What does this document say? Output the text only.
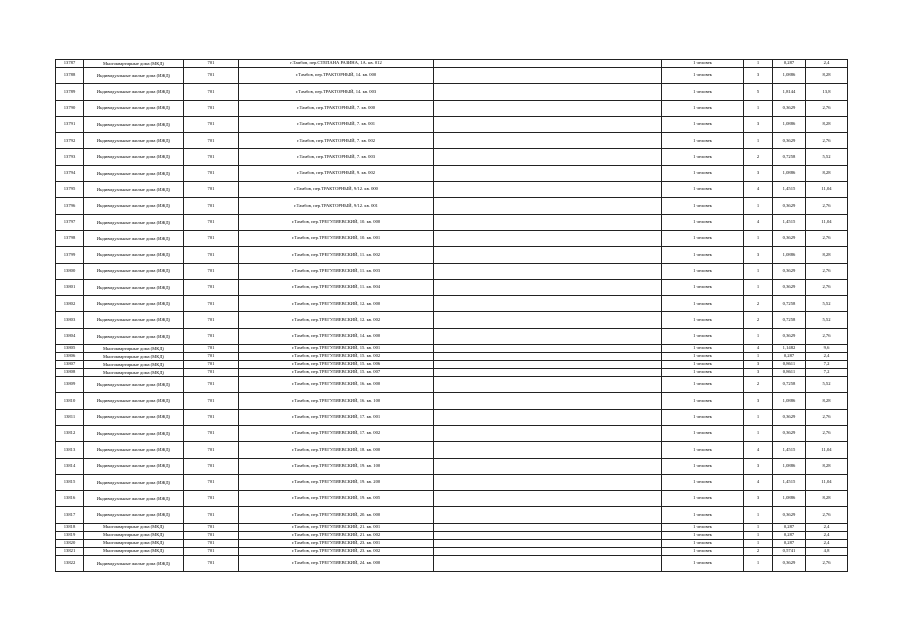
13787	Многоквартирные дома (МКД)	701	г.Тамбов, пер.СТЕПАНА РАЗИНА, 1А. кв. 012		1 человек	1	0,287	2,4
13788	Индивидуальные жилые дома (ИЖД)	701	г.Тамбов, пер.ТРАКТОРНЫЙ, 14. кв. 000		1 человек	3	1,0886	8,28
13789	Индивидуальные жилые дома (ИЖД)	701	г.Тамбов, пер.ТРАКТОРНЫЙ, 14. кв. 003		1 человек	5	1,8144	13,8
13790	Индивидуальные жилые дома (ИЖД)	701	г.Тамбов, пер.ТРАКТОРНЫЙ, 7. кв. 000		1 человек	1	0,3629	2,76
13791	Индивидуальные жилые дома (ИЖД)	701	г.Тамбов, пер.ТРАКТОРНЫЙ, 7. кв. 001		1 человек	3	1,0886	8,28
13792	Индивидуальные жилые дома (ИЖД)	701	г.Тамбов, пер.ТРАКТОРНЫЙ, 7. кв. 002		1 человек	1	0,3629	2,76
13793	Индивидуальные жилые дома (ИЖД)	701	г.Тамбов, пер.ТРАКТОРНЫЙ, 7. кв. 003		1 человек	2	0,7258	5,52
13794	Индивидуальные жилые дома (ИЖД)	701	г.Тамбов, пер.ТРАКТОРНЫЙ, 9. кв. 002		1 человек	3	1,0886	8,28
13795	Индивидуальные жилые дома (ИЖД)	701	г.Тамбов, пер.ТРАКТОРНЫЙ, 9/12. кв. 000		1 человек	4	1,4515	11,04
13796	Индивидуальные жилые дома (ИЖД)	701	г.Тамбов, пер.ТРАКТОРНЫЙ, 9/12. кв. 001		1 человек	1	0,3629	2,76
13797	Индивидуальные жилые дома (ИЖД)	701	г.Тамбов, пер.ТРЕГУЛЯЕВСКИЙ, 10. кв. 000		1 человек	4	1,4515	11,04
13798	Индивидуальные жилые дома (ИЖД)	701	г.Тамбов, пер.ТРЕГУЛЯЕВСКИЙ, 10. кв. 001		1 человек	1	0,3629	2,76
13799	Индивидуальные жилые дома (ИЖД)	701	г.Тамбов, пер.ТРЕГУЛЯЕВСКИЙ, 11. кв. 002		1 человек	3	1,0886	8,28
13800	Индивидуальные жилые дома (ИЖД)	701	г.Тамбов, пер.ТРЕГУЛЯЕВСКИЙ, 11. кв. 003		1 человек	1	0,3629	2,76
13801	Индивидуальные жилые дома (ИЖД)	701	г.Тамбов, пер.ТРЕГУЛЯЕВСКИЙ, 11. кв. 004		1 человек	1	0,3629	2,76
13802	Индивидуальные жилые дома (ИЖД)	701	г.Тамбов, пер.ТРЕГУЛЯЕВСКИЙ, 12. кв. 000		1 человек	2	0,7258	5,52
13803	Индивидуальные жилые дома (ИЖД)	701	г.Тамбов, пер.ТРЕГУЛЯЕВСКИЙ, 12. кв. 002		1 человек	2	0,7258	5,52
13804	Индивидуальные жилые дома (ИЖД)	701	г.Тамбов, пер.ТРЕГУЛЯЕВСКИЙ, 14. кв. 000		1 человек	1	0,3629	2,76
13805	Многоквартирные дома (МКД)	701	г.Тамбов, пер.ТРЕГУЛЯЕВСКИЙ, 15. кв. 001		1 человек	4	1,1482	9,6
13806	Многоквартирные дома (МКД)	701	г.Тамбов, пер.ТРЕГУЛЯЕВСКИЙ, 15. кв. 002		1 человек	1	0,287	2,4
13807	Многоквартирные дома (МКД)	701	г.Тамбов, пер.ТРЕГУЛЯЕВСКИЙ, 15. кв. 006		1 человек	3	0,8611	7,2
13808	Многоквартирные дома (МКД)	701	г.Тамбов, пер.ТРЕГУЛЯЕВСКИЙ, 15. кв. 007		1 человек	3	0,8611	7,2
13809	Индивидуальные жилые дома (ИЖД)	701	г.Тамбов, пер.ТРЕГУЛЯЕВСКИЙ, 16. кв. 000		1 человек	2	0,7258	5,52
13810	Индивидуальные жилые дома (ИЖД)	701	г.Тамбов, пер.ТРЕГУЛЯЕВСКИЙ, 16. кв. 100		1 человек	3	1,0886	8,28
13811	Индивидуальные жилые дома (ИЖД)	701	г.Тамбов, пер.ТРЕГУЛЯЕВСКИЙ, 17. кв. 001		1 человек	1	0,3629	2,76
13812	Индивидуальные жилые дома (ИЖД)	701	г.Тамбов, пер.ТРЕГУЛЯЕВСКИЙ, 17. кв. 002		1 человек	1	0,3629	2,76
13813	Индивидуальные жилые дома (ИЖД)	701	г.Тамбов, пер.ТРЕГУЛЯЕВСКИЙ, 18. кв. 000		1 человек	4	1,4515	11,04
13814	Индивидуальные жилые дома (ИЖД)	701	г.Тамбов, пер.ТРЕГУЛЯЕВСКИЙ, 19. кв. 100		1 человек	3	1,0886	8,28
13815	Индивидуальные жилые дома (ИЖД)	701	г.Тамбов, пер.ТРЕГУЛЯЕВСКИЙ, 19. кв. 200		1 человек	4	1,4515	11,04
13816	Индивидуальные жилые дома (ИЖД)	701	г.Тамбов, пер.ТРЕГУЛЯЕВСКИЙ, 19. кв. 005		1 человек	3	1,0886	8,28
13817	Индивидуальные жилые дома (ИЖД)	701	г.Тамбов, пер.ТРЕГУЛЯЕВСКИЙ, 20. кв. 000		1 человек	1	0,3629	2,76
13818	Многоквартирные дома (МКД)	701	г.Тамбов, пер.ТРЕГУЛЯЕВСКИЙ, 21. кв. 001		1 человек	1	0,287	2,4
13819	Многоквартирные дома (МКД)	701	г.Тамбов, пер.ТРЕГУЛЯЕВСКИЙ, 21. кв. 002		1 человек	1	0,287	2,4
13820	Многоквартирные дома (МКД)	701	г.Тамбов, пер.ТРЕГУЛЯЕВСКИЙ, 23. кв. 001		1 человек	1	0,287	2,4
13821	Многоквартирные дома (МКД)	701	г.Тамбов, пер.ТРЕГУЛЯЕВСКИЙ, 23. кв. 002		1 человек	2	0,5741	4,8
13822	Индивидуальные жилые дома (ИЖД)	701	г.Тамбов, пер.ТРЕГУЛЯЕВСКИЙ, 24. кв. 000		1 человек	1	0,3629	2,76
